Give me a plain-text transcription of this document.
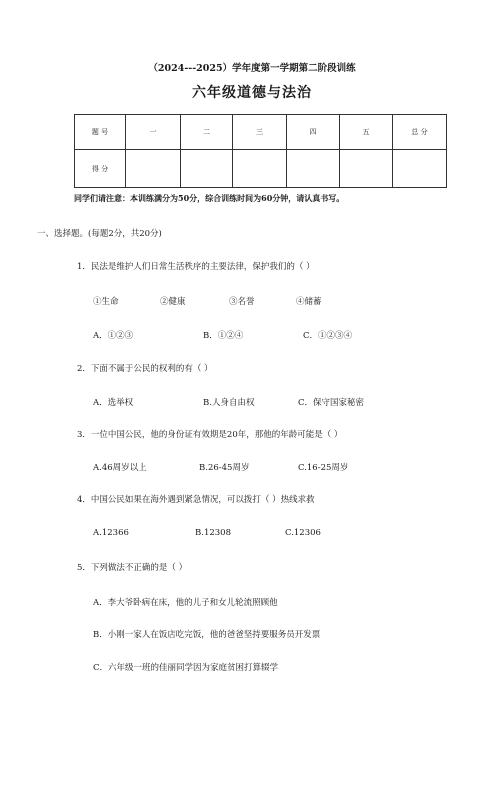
（2024---2025）学年度第一学期第二阶段训练
六年级道德与法治
题 号	一	二	三	四	五	总 分
得 分						
同学们请注意：本训练满分为50分，综合训练时间为60分钟，请认真书写。
一、选择题。(每题2分，共20分)
1．民法是维护人们日常生活秩序的主要法律，保护我们的（ ）
①生命	②健康	③名誉	④储蓄
A．①②③	B．①②④	C．①②③④
2．下面不属于公民的权利的有（ ）
A．选举权	B.人身自由权	C．保守国家秘密
3．一位中国公民，他的身份证有效期是20年，那他的年龄可能是（ ）
A.46周岁以上	B.26-45周岁	C.16-25周岁
4．中国公民如果在海外遇到紧急情况，可以拨打（ ）热线求救
A.12366	B.12308	C.12306
5．下列做法不正确的是（ ）
A．李大爷卧病在床，他的儿子和女儿轮流照顾他
B．小刚一家人在饭店吃完饭，他的爸爸坚持要服务员开发票
C．六年级一班的佳丽同学因为家庭贫困打算辍学
